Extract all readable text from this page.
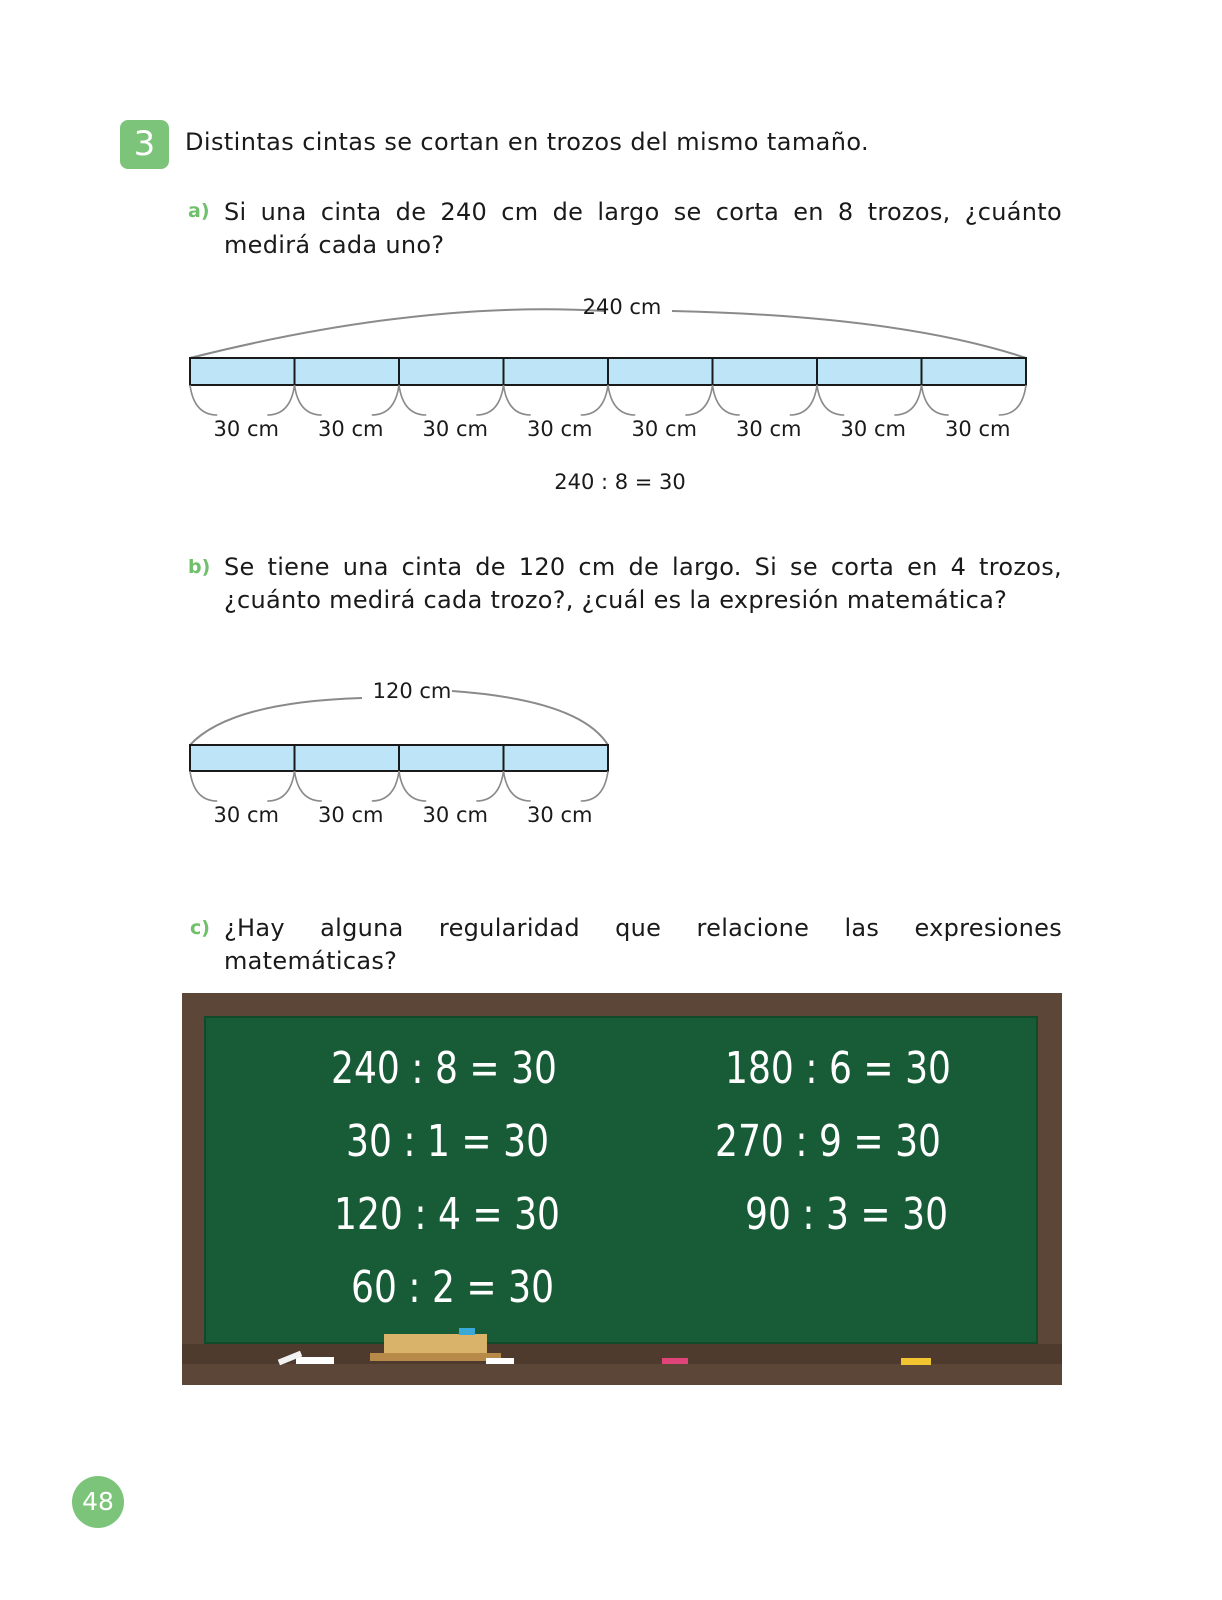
3	Distintas cintas se cortan en trozos del mismo tamaño.
a) Si una cinta de 240 cm de largo se corta en 8 trozos, ¿cuánto medirá cada uno?
240 cm
30 cm 30 cm 30 cm 30 cm 30 cm 30 cm 30 cm 30 cm
240 : 8 = 30
b) Se tiene una cinta de 120 cm de largo. Si se corta en 4 trozos, ¿cuánto medirá cada trozo?, ¿cuál es la expresión matemática?
120 cm
30 cm 30 cm 30 cm 30 cm
c) ¿Hay alguna regularidad que relacione las expresiones matemáticas?
240 : 8 = 30
30 : 1 = 30
120 : 4 = 30
60 : 2 = 30
180 : 6 = 30
270 : 9 = 30
90 : 3 = 30
48
